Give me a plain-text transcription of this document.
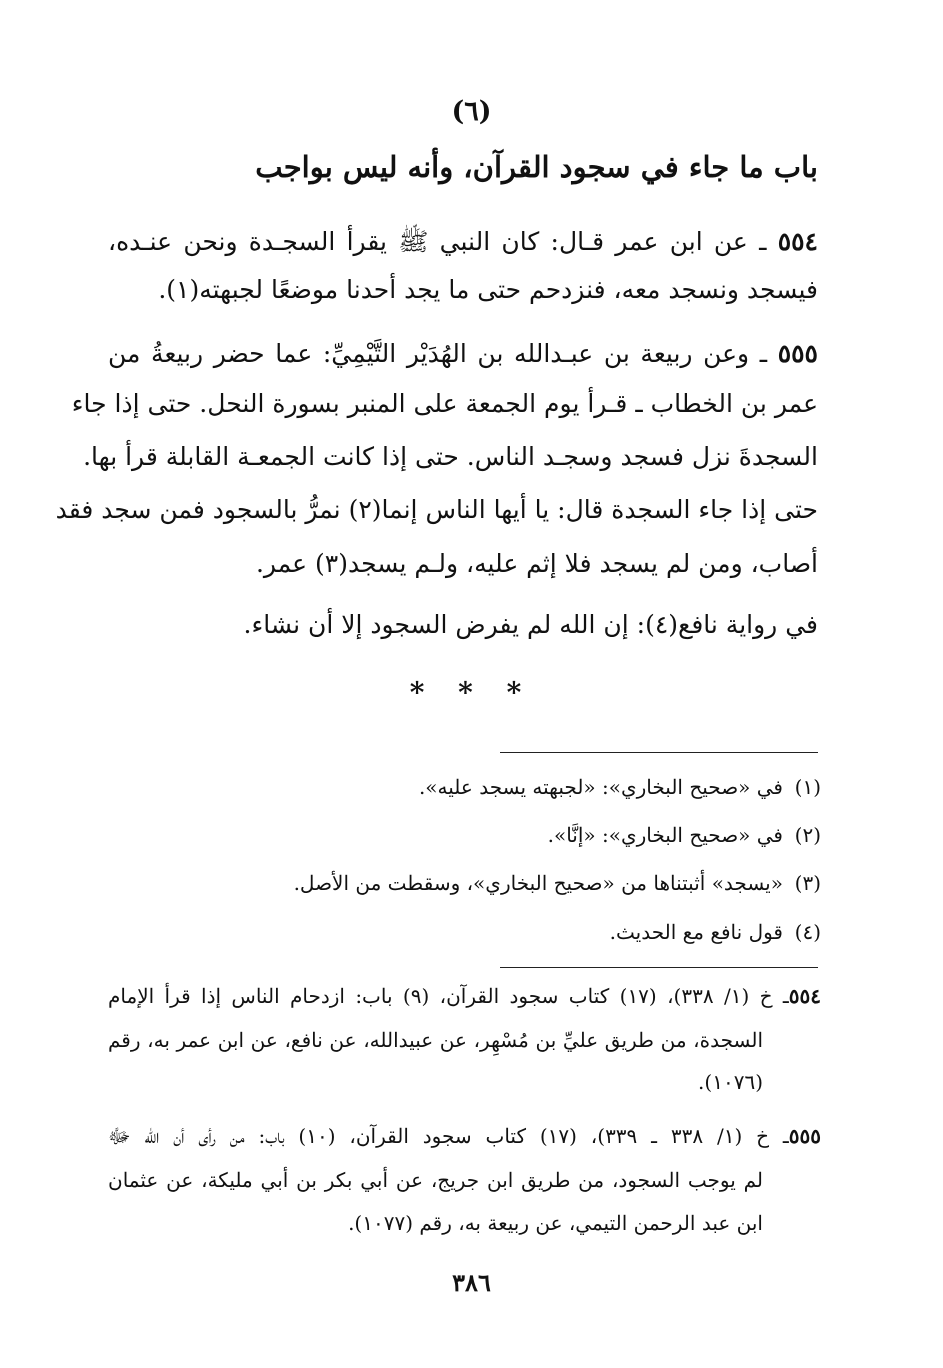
(٦)
باب ما جاء في سجود القرآن، وأنه ليس بواجب
٥٥٤ ـ عن ابن عمر قـال: كان النبي ﷺ يقرأ السجـدة ونحن عنـده،
فيسجد ونسجد معه، فنزدحم حتى ما يجد أحدنا موضعًا لجبهته(١).
٥٥٥ ـ وعن ربيعة بن عبـدالله بن الهُدَيْر التَّيْمِيِّ: عما حضر ربيعةُ من
عمر بن الخطاب ـ قـرأ يوم الجمعة على المنبر بسورة النحل. حتى إذا جاء
السجدةَ نزل فسجد وسجـد الناس. حتى إذا كانت الجمعـة القابلة قرأ بها.
حتى إذا جاء السجدة قال: يا أيها الناس إنما(٢) نمرُّ بالسجود فمن سجد فقد
أصاب، ومن لم يسجد فلا إثم عليه، ولـم يسجد(٣) عمر.
في رواية نافع(٤): إن الله لم يفرض السجود إلا أن نشاء.
* * *
(١)في «صحيح البخاري»: «لجبهته يسجد عليه».
(٢)في «صحيح البخاري»: «إنَّا».
(٣)«يسجد» أثبتناها من «صحيح البخاري»، وسقطت من الأصل.
(٤)قول نافع مع الحديث.
٥٥٤ـ خ (١/ ٣٣٨)، (١٧) كتاب سجود القرآن، (٩) باب: ازدحام الناس إذا قرأ الإمام
السجدة، من طريق عليِّ بن مُسْهِر، عن عبيدالله، عن نافع، عن ابن عمر به، رقم
(١٠٧٦).
٥٥٥ـ خ (١/ ٣٣٨ ـ ٣٣٩)، (١٧) كتاب سجود القرآن، (١٠) باب: من رأى أن الله ﷻ
لم يوجب السجود، من طريق ابن جريج، عن أبي بكر بن أبي مليكة، عن عثمان
ابن عبد الرحمن التيمي، عن ربيعة به، رقم (١٠٧٧).
٣٨٦
